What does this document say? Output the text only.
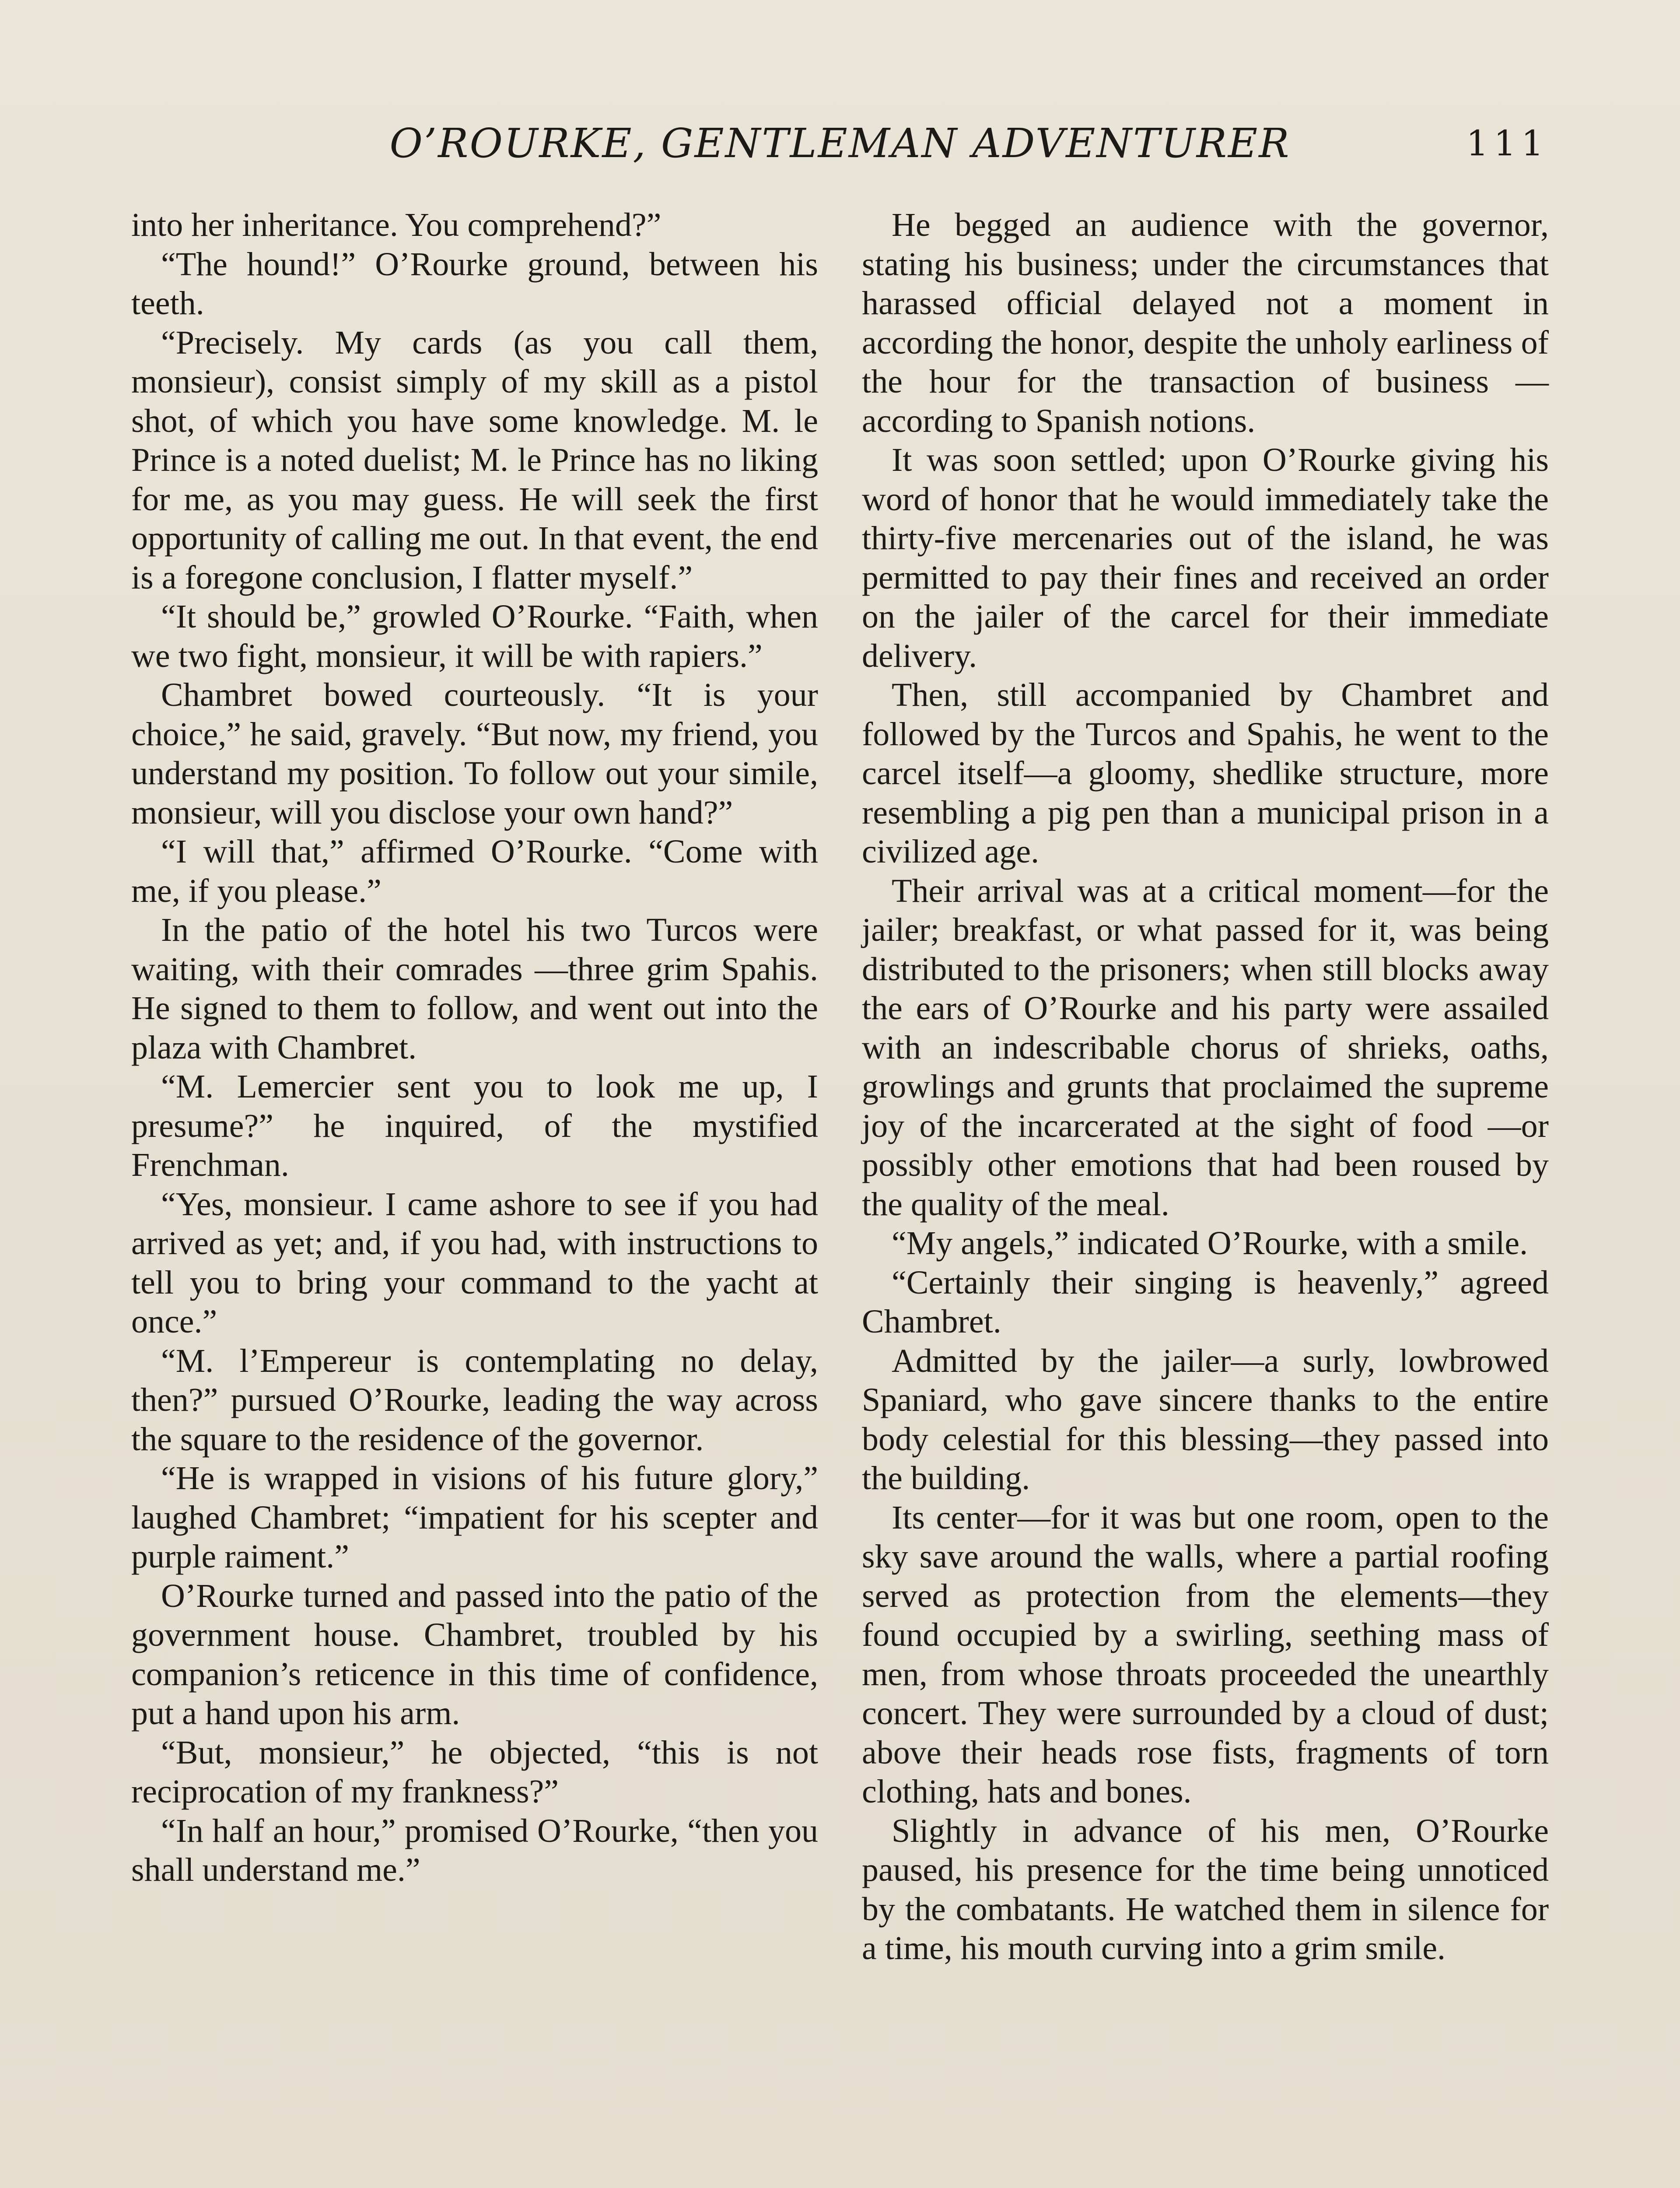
O’ROURKE, GENTLEMAN ADVENTURER	111

into her inheritance. You comprehend?”

“The hound!” O’Rourke ground, between his teeth.

“Precisely. My cards (as you call them, monsieur), consist simply of my skill as a pistol shot, of which you have some knowledge. M. le Prince is a noted duelist; M. le Prince has no liking for me, as you may guess. He will seek the first opportunity of calling me out. In that event, the end is a foregone conclusion, I flatter myself.”

“It should be,” growled O’Rourke. “Faith, when we two fight, monsieur, it will be with rapiers.”

Chambret bowed courteously. “It is your choice,” he said, gravely. “But now, my friend, you understand my position. To follow out your simile, monsieur, will you disclose your own hand?”

“I will that,” affirmed O’Rourke. “Come with me, if you please.”

In the patio of the hotel his two Turcos were waiting, with their comrades —three grim Spahis. He signed to them to follow, and went out into the plaza with Chambret.

“M. Lemercier sent you to look me up, I presume?” he inquired, of the mystified Frenchman.

“Yes, monsieur. I came ashore to see if you had arrived as yet; and, if you had, with instructions to tell you to bring your command to the yacht at once.”

“M. l’Empereur is contemplating no delay, then?” pursued O’Rourke, leading the way across the square to the residence of the governor.

“He is wrapped in visions of his future glory,” laughed Chambret; “impatient for his scepter and purple raiment.”

O’Rourke turned and passed into the patio of the government house. Chambret, troubled by his companion’s reticence in this time of confidence, put a hand upon his arm.

“But, monsieur,” he objected, “this is not reciprocation of my frankness?”

“In half an hour,” promised O’Rourke, “then you shall understand me.”

He begged an audience with the governor, stating his business; under the circumstances that harassed official delayed not a moment in according the honor, despite the unholy earliness of the hour for the transaction of business —according to Spanish notions.

It was soon settled; upon O’Rourke giving his word of honor that he would immediately take the thirty-five mercenaries out of the island, he was permitted to pay their fines and received an order on the jailer of the carcel for their immediate delivery.

Then, still accompanied by Chambret and followed by the Turcos and Spahis, he went to the carcel itself—a gloomy, shedlike structure, more resembling a pig pen than a municipal prison in a civilized age.

Their arrival was at a critical moment—for the jailer; breakfast, or what passed for it, was being distributed to the prisoners; when still blocks away the ears of O’Rourke and his party were assailed with an indescribable chorus of shrieks, oaths, growlings and grunts that proclaimed the supreme joy of the incarcerated at the sight of food —or possibly other emotions that had been roused by the quality of the meal.

“My angels,” indicated O’Rourke, with a smile.

“Certainly their singing is heavenly,” agreed Chambret.

Admitted by the jailer—a surly, lowbrowed Spaniard, who gave sincere thanks to the entire body celestial for this blessing—they passed into the building.

Its center—for it was but one room, open to the sky save around the walls, where a partial roofing served as protection from the elements—they found occupied by a swirling, seething mass of men, from whose throats proceeded the unearthly concert. They were surrounded by a cloud of dust; above their heads rose fists, fragments of torn clothing, hats and bones.

Slightly in advance of his men, O’Rourke paused, his presence for the time being unnoticed by the combatants. He watched them in silence for a time, his mouth curving into a grim smile.
